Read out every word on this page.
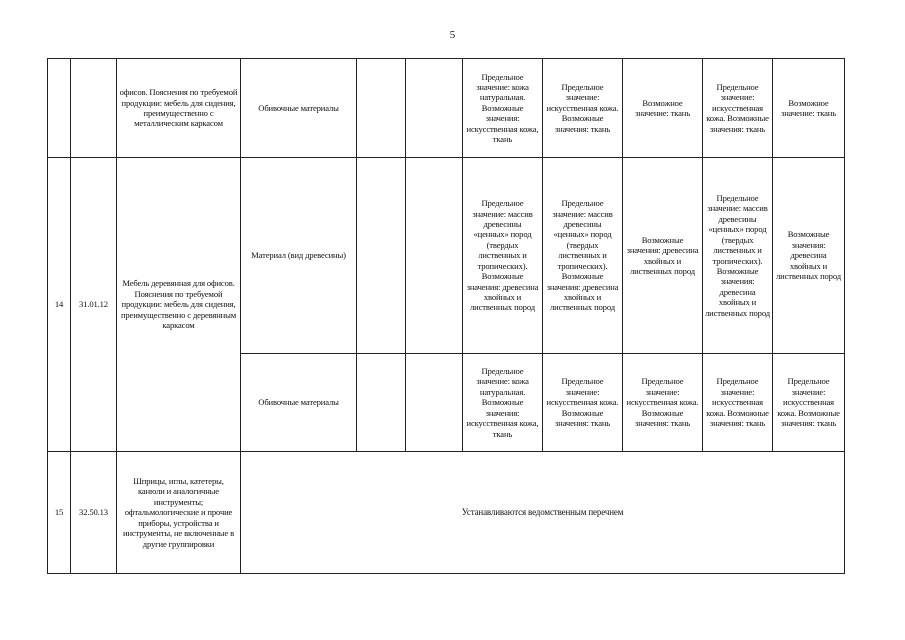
5
		офисов. Пояснения по требуемой продукции: мебель для сидения, преимущественно с металлическим каркасом	Обивочные материалы			Предельное значение: кожа натуральная. Возможные значения: искусственная кожа, ткань	Предельное значение: искусственная кожа. Возможные значения: ткань	Возможное значение: ткань	Предельное значение: искусственная кожа. Возможные значения: ткань	Возможное значение: ткань
14	31.01.12	Мебель деревянная для офисов. Пояснения по требуемой продукции: мебель для сидения, преимущественно с деревянным каркасом	Материал (вид древесины)			Предельное значение: массив древесины «ценных» пород (твердых лиственных и тропических). Возможные значения: древесина хвойных и лиственных пород	Предельное значение: массив древесины «ценных» пород (твердых лиственных и тропических). Возможные значения: древесина хвойных и лиственных пород	Возможные значения: древесина хвойных и лиственных пород	Предельное значение: массив древесины «ценных» пород (твердых лиственных и тропических). Возможные значения: древесина хвойных и лиственных пород	Возможные значения: древесина хвойных и лиственных пород
			Обивочные материалы			Предельное значение: кожа натуральная. Возможные значения: искусственная кожа, ткань	Предельное значение: искусственная кожа. Возможные значения: ткань	Предельное значение: искусственная кожа. Возможные значения: ткань	Предельное значение: искусственная кожа. Возможные значения: ткань	Предельное значение: искусственная кожа. Возможные значения: ткань
15	32.50.13	Шприцы, иглы, катетеры, канюли и аналогичные инструменты; офтальмологические и прочие приборы, устройства и инструменты, не включенные в другие группировки	Устанавливаются ведомственным перечнем							
